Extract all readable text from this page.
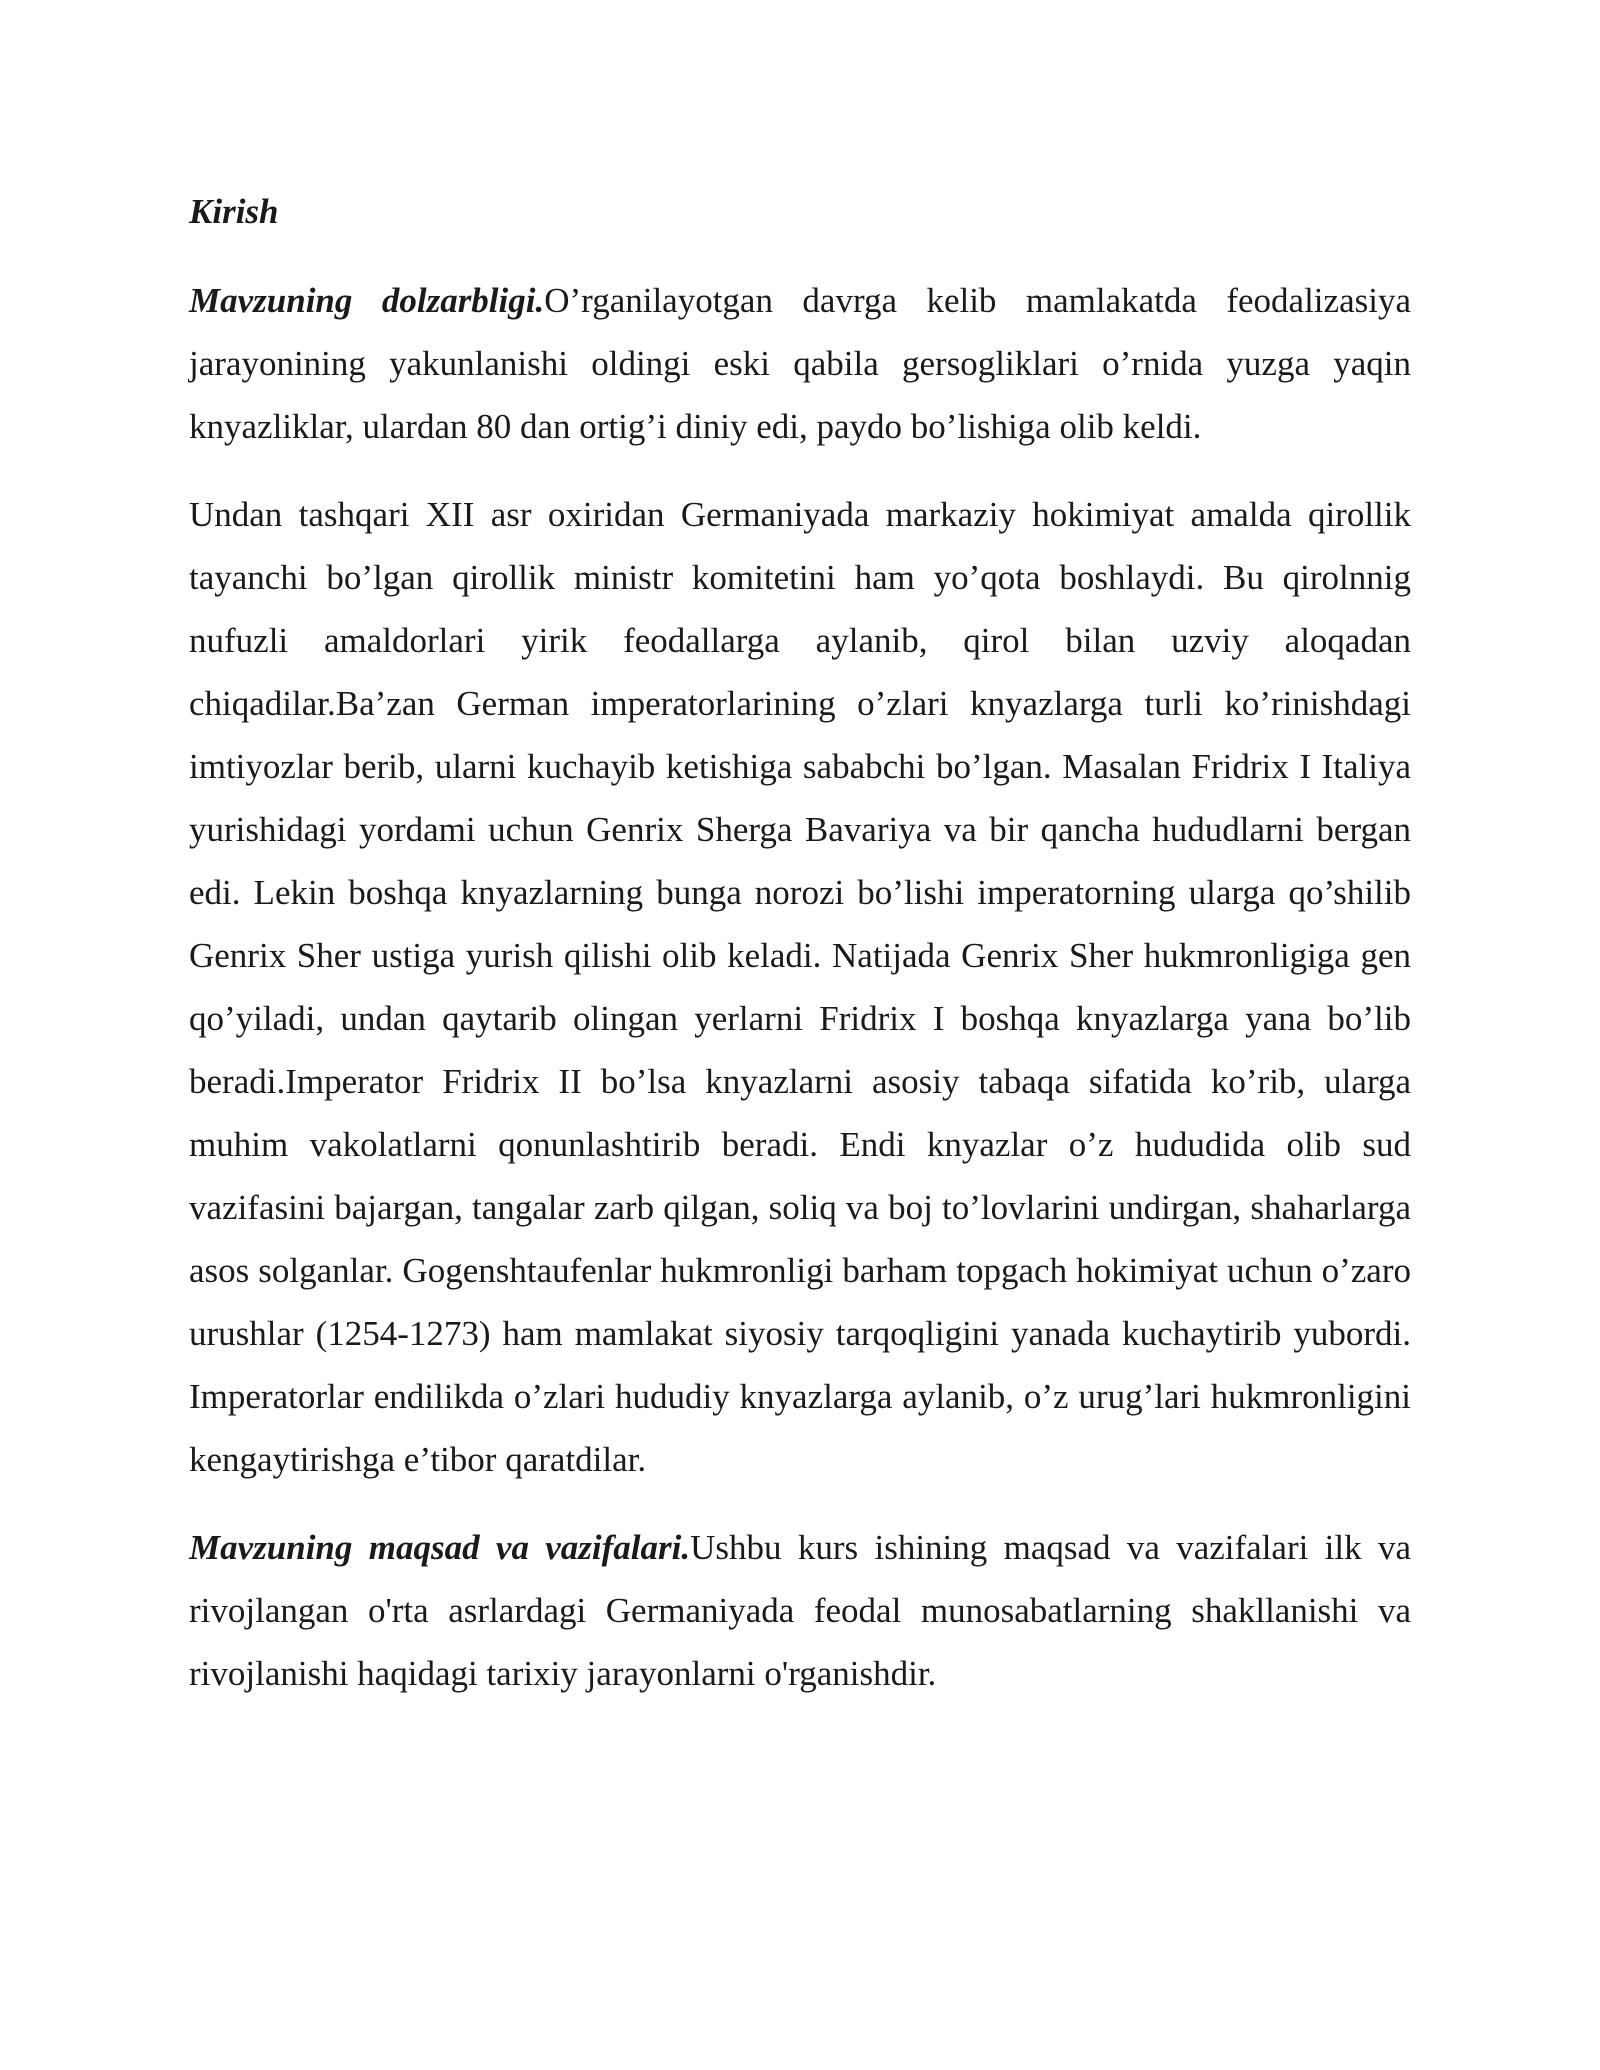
Kirish

Mavzuning dolzarbligi.O’rganilayotgan davrga kelib mamlakatda feodalizasiya jarayonining yakunlanishi oldingi eski qabila gersogliklari o’rnida yuzga yaqin knyazliklar, ulardan 80 dan ortig’i diniy edi, paydo bo’lishiga olib keldi.

Undan tashqari XII asr oxiridan Germaniyada markaziy hokimiyat amalda qirollik tayanchi bo’lgan qirollik ministr komitetini ham yo’qota boshlaydi. Bu qirolnnig nufuzli amaldorlari yirik feodallarga aylanib, qirol bilan uzviy aloqadan chiqadilar.Ba’zan German imperatorlarining o’zlari knyazlarga turli ko’rinishdagi imtiyozlar berib, ularni kuchayib ketishiga sababchi bo’lgan. Masalan Fridrix I Italiya yurishidagi yordami uchun Genrix Sherga Bavariya va bir qancha hududlarni bergan edi. Lekin boshqa knyazlarning bunga norozi bo’lishi imperatorning ularga qo’shilib Genrix Sher ustiga yurish qilishi olib keladi. Natijada Genrix Sher hukmronligiga gen qo’yiladi, undan qaytarib olingan yerlarni Fridrix I boshqa knyazlarga yana bo’lib beradi.Imperator Fridrix II bo’lsa knyazlarni asosiy tabaqa sifatida ko’rib, ularga muhim vakolatlarni qonunlashtirib beradi. Endi knyazlar o’z hududida olib sud vazifasini bajargan, tangalar zarb qilgan, soliq va boj to’lovlarini undirgan, shaharlarga asos solganlar. Gogenshtaufenlar hukmronligi barham topgach hokimiyat uchun o’zaro urushlar (1254-1273) ham mamlakat siyosiy tarqoqligini yanada kuchaytirib yubordi. Imperatorlar endilikda o’zlari hududiy knyazlarga aylanib, o’z urug’lari hukmronligini kengaytirishga e’tibor qaratdilar.

Mavzuning maqsad va vazifalari.Ushbu kurs ishining maqsad va vazifalari ilk va rivojlangan o'rta asrlardagi Germaniyada feodal munosabatlarning shakllanishi va rivojlanishi haqidagi tarixiy jarayonlarni o'rganishdir.
